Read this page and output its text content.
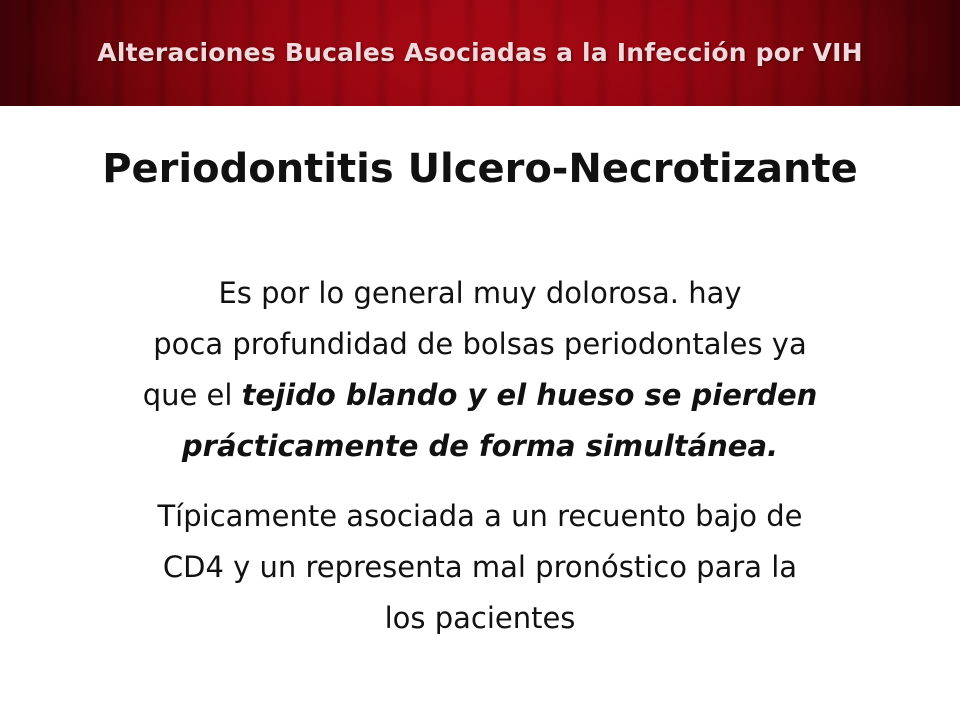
Alteraciones Bucales Asociadas a la Infección por VIH
Periodontitis Ulcero-Necrotizante

Es por lo general muy dolorosa. hay
poca profundidad de bolsas periodontales ya
que el tejido blando y el hueso se pierden
prácticamente de forma simultánea.

Típicamente asociada a un recuento bajo de
CD4 y un representa mal pronóstico para la
los pacientes
